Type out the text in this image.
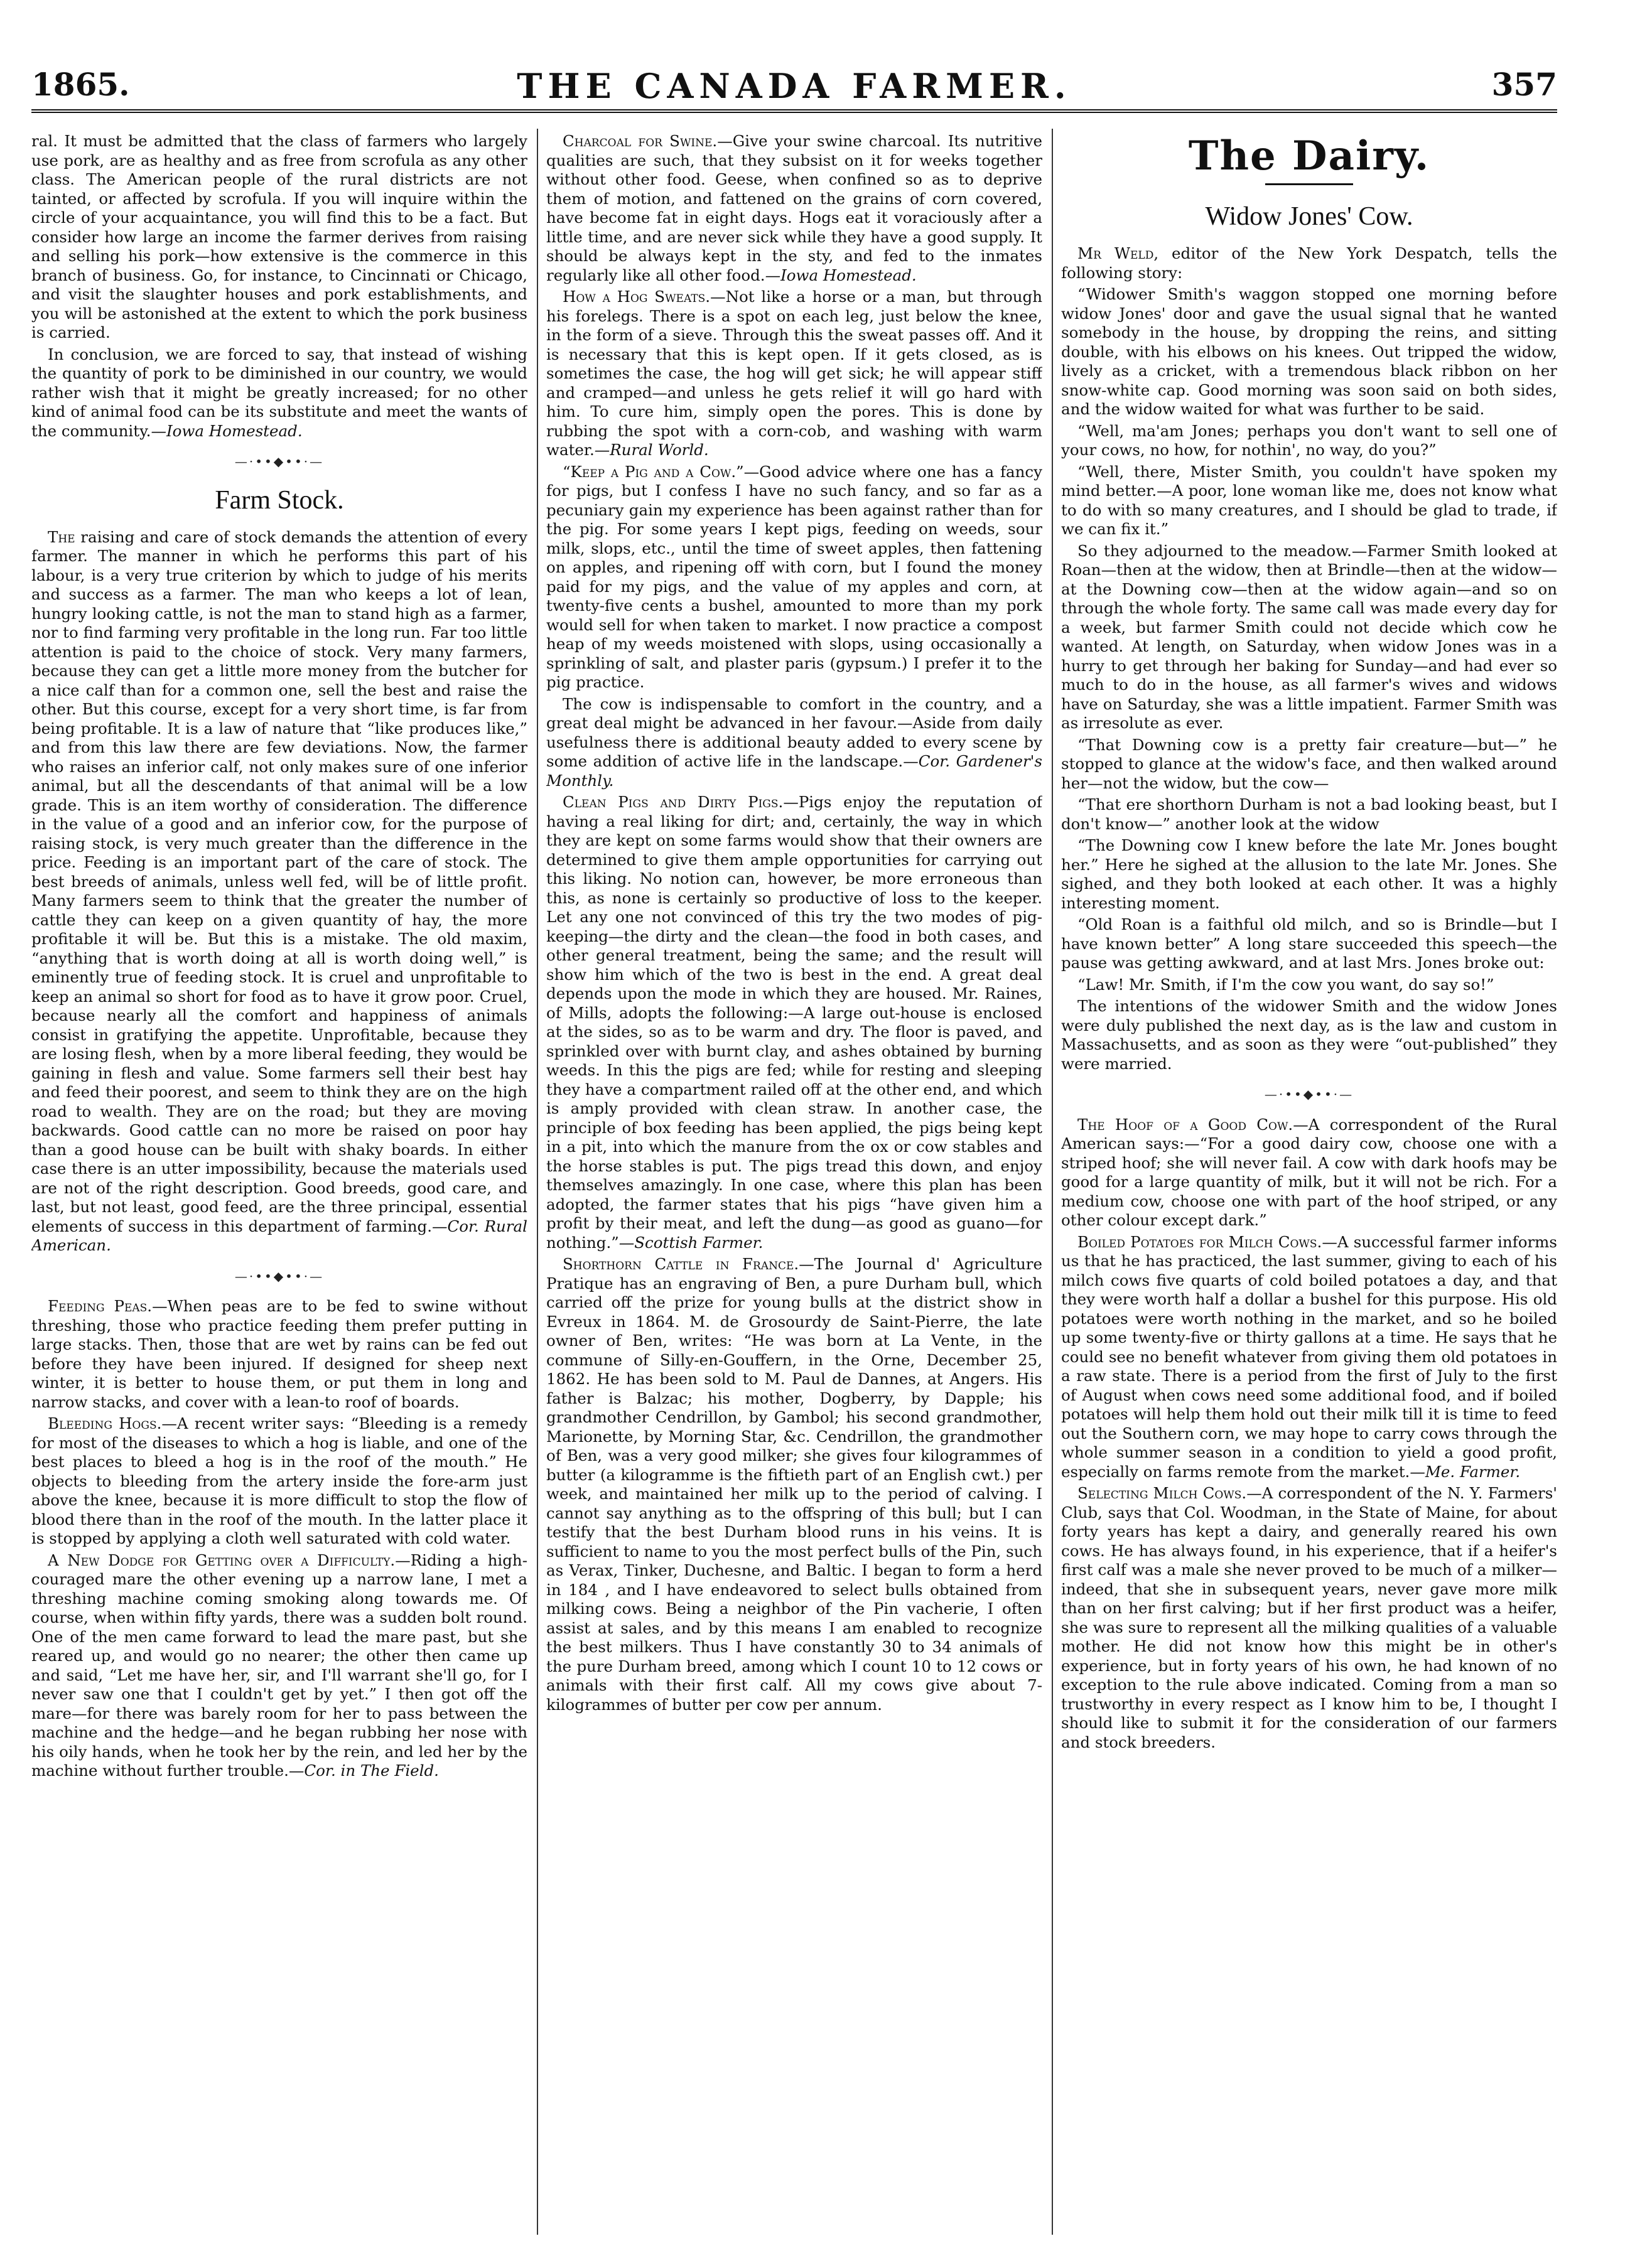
1865.	THE CANADA FARMER.	357

ral. It must be admitted that the class of farmers who largely use pork, are as healthy and as free from scrofula as any other class. The American people of the rural districts are not tainted, or affected by scrofula. If you will inquire within the circle of your acquaintance, you will find this to be a fact. But consider how large an income the farmer derives from raising and selling his pork—how extensive is the commerce in this branch of business. Go, for instance, to Cincinnati or Chicago, and visit the slaughter houses and pork establishments, and you will be astonished at the extent to which the pork business is carried.

In conclusion, we are forced to say, that instead of wishing the quantity of pork to be diminished in our country, we would rather wish that it might be greatly increased; for no other kind of animal food can be its substitute and meet the wants of the community.—Iowa Homestead.

—·••◆••·—
Farm Stock.

The raising and care of stock demands the attention of every farmer. The manner in which he performs this part of his labour, is a very true criterion by which to judge of his merits and success as a farmer. The man who keeps a lot of lean, hungry looking cattle, is not the man to stand high as a farmer, nor to find farming very profitable in the long run. Far too little attention is paid to the choice of stock. Very many farmers, because they can get a little more money from the butcher for a nice calf than for a common one, sell the best and raise the other. But this course, except for a very short time, is far from being profitable. It is a law of nature that “like produces like,” and from this law there are few deviations. Now, the farmer who raises an inferior calf, not only makes sure of one inferior animal, but all the descendants of that animal will be a low grade. This is an item worthy of consideration. The difference in the value of a good and an inferior cow, for the purpose of raising stock, is very much greater than the difference in the price. Feeding is an important part of the care of stock. The best breeds of animals, unless well fed, will be of little profit. Many farmers seem to think that the greater the number of cattle they can keep on a given quantity of hay, the more profitable it will be. But this is a mistake. The old maxim, “anything that is worth doing at all is worth doing well,” is eminently true of feeding stock. It is cruel and unprofitable to keep an animal so short for food as to have it grow poor. Cruel, because nearly all the comfort and happiness of animals consist in gratifying the appetite. Unprofitable, because they are losing flesh, when by a more liberal feeding, they would be gaining in flesh and value. Some farmers sell their best hay and feed their poorest, and seem to think they are on the high road to wealth. They are on the road; but they are moving backwards. Good cattle can no more be raised on poor hay than a good house can be built with shaky boards. In either case there is an utter impossibility, because the materials used are not of the right description. Good breeds, good care, and last, but not least, good feed, are the three principal, essential elements of success in this department of farming.—Cor. Rural American.

—·••◆••·—

Feeding Peas.—When peas are to be fed to swine without threshing, those who practice feeding them prefer putting in large stacks. Then, those that are wet by rains can be fed out before they have been injured. If designed for sheep next winter, it is better to house them, or put them in long and narrow stacks, and cover with a lean-to roof of boards.

Bleeding Hogs.—A recent writer says: “Bleeding is a remedy for most of the diseases to which a hog is liable, and one of the best places to bleed a hog is in the roof of the mouth.” He objects to bleeding from the artery inside the fore-arm just above the knee, because it is more difficult to stop the flow of blood there than in the roof of the mouth. In the latter place it is stopped by applying a cloth well saturated with cold water.

A New Dodge for Getting over a Difficulty.—Riding a high-couraged mare the other evening up a narrow lane, I met a threshing machine coming smoking along towards me. Of course, when within fifty yards, there was a sudden bolt round. One of the men came forward to lead the mare past, but she reared up, and would go no nearer; the other then came up and said, “Let me have her, sir, and I'll warrant she'll go, for I never saw one that I couldn't get by yet.” I then got off the mare—for there was barely room for her to pass between the machine and the hedge—and he began rubbing her nose with his oily hands, when he took her by the rein, and led her by the machine without further trouble.—Cor. in The Field.

Charcoal for Swine.—Give your swine charcoal. Its nutritive qualities are such, that they subsist on it for weeks together without other food. Geese, when confined so as to deprive them of motion, and fattened on the grains of corn covered, have become fat in eight days. Hogs eat it voraciously after a little time, and are never sick while they have a good supply. It should be always kept in the sty, and fed to the inmates regularly like all other food.—Iowa Homestead.

How a Hog Sweats.—Not like a horse or a man, but through his forelegs. There is a spot on each leg, just below the knee, in the form of a sieve. Through this the sweat passes off. And it is necessary that this is kept open. If it gets closed, as is sometimes the case, the hog will get sick; he will appear stiff and cramped—and unless he gets relief it will go hard with him. To cure him, simply open the pores. This is done by rubbing the spot with a corn-cob, and washing with warm water.—Rural World.

“Keep a Pig and a Cow.”—Good advice where one has a fancy for pigs, but I confess I have no such fancy, and so far as a pecuniary gain my experience has been against rather than for the pig. For some years I kept pigs, feeding on weeds, sour milk, slops, etc., until the time of sweet apples, then fattening on apples, and ripening off with corn, but I found the money paid for my pigs, and the value of my apples and corn, at twenty-five cents a bushel, amounted to more than my pork would sell for when taken to market. I now practice a compost heap of my weeds moistened with slops, using occasionally a sprinkling of salt, and plaster paris (gypsum.) I prefer it to the pig practice.

The cow is indispensable to comfort in the country, and a great deal might be advanced in her favour.—Aside from daily usefulness there is additional beauty added to every scene by some addition of active life in the landscape.—Cor. Gardener's Monthly.

Clean Pigs and Dirty Pigs.—Pigs enjoy the reputation of having a real liking for dirt; and, certainly, the way in which they are kept on some farms would show that their owners are determined to give them ample opportunities for carrying out this liking. No notion can, however, be more erroneous than this, as none is certainly so productive of loss to the keeper. Let any one not convinced of this try the two modes of pig-keeping—the dirty and the clean—the food in both cases, and other general treatment, being the same; and the result will show him which of the two is best in the end. A great deal depends upon the mode in which they are housed. Mr. Raines, of Mills, adopts the following:—A large out-house is enclosed at the sides, so as to be warm and dry. The floor is paved, and sprinkled over with burnt clay, and ashes obtained by burning weeds. In this the pigs are fed; while for resting and sleeping they have a compartment railed off at the other end, and which is amply provided with clean straw. In another case, the principle of box feeding has been applied, the pigs being kept in a pit, into which the manure from the ox or cow stables and the horse stables is put. The pigs tread this down, and enjoy themselves amazingly. In one case, where this plan has been adopted, the farmer states that his pigs “have given him a profit by their meat, and left the dung—as good as guano—for nothing.”—Scottish Farmer.

Shorthorn Cattle in France.—The Journal d' Agriculture Pratique has an engraving of Ben, a pure Durham bull, which carried off the prize for young bulls at the district show in Evreux in 1864. M. de Grosourdy de Saint-Pierre, the late owner of Ben, writes: “He was born at La Vente, in the commune of Silly-en-Gouffern, in the Orne, December 25, 1862. He has been sold to M. Paul de Dannes, at Angers. His father is Balzac; his mother, Dogberry, by Dapple; his grandmother Cendrillon, by Gambol; his second grandmother, Marionette, by Morning Star, &c. Cendrillon, the grandmother of Ben, was a very good milker; she gives four kilogrammes of butter (a kilogramme is the fiftieth part of an English cwt.) per week, and maintained her milk up to the period of calving. I cannot say anything as to the offspring of this bull; but I can testify that the best Durham blood runs in his veins. It is sufficient to name to you the most perfect bulls of the Pin, such as Verax, Tinker, Duchesne, and Baltic. I began to form a herd in 184 , and I have endeavored to select bulls obtained from milking cows. Being a neighbor of the Pin vacherie, I often assist at sales, and by this means I am enabled to recognize the best milkers. Thus I have constantly 30 to 34 animals of the pure Durham breed, among which I count 10 to 12 cows or animals with their first calf. All my cows give about 7- kilogrammes of butter per cow per annum.

The Dairy.
Widow Jones' Cow.

Mr Weld, editor of the New York Despatch, tells the following story:

“Widower Smith's waggon stopped one morning before widow Jones' door and gave the usual signal that he wanted somebody in the house, by dropping the reins, and sitting double, with his elbows on his knees. Out tripped the widow, lively as a cricket, with a tremendous black ribbon on her snow-white cap. Good morning was soon said on both sides, and the widow waited for what was further to be said.

“Well, ma'am Jones; perhaps you don't want to sell one of your cows, no how, for nothin', no way, do you?”

“Well, there, Mister Smith, you couldn't have spoken my mind better.—A poor, lone woman like me, does not know what to do with so many creatures, and I should be glad to trade, if we can fix it.”

So they adjourned to the meadow.—Farmer Smith looked at Roan—then at the widow, then at Brindle—then at the widow—at the Downing cow—then at the widow again—and so on through the whole forty. The same call was made every day for a week, but farmer Smith could not decide which cow he wanted. At length, on Saturday, when widow Jones was in a hurry to get through her baking for Sunday—and had ever so much to do in the house, as all farmer's wives and widows have on Saturday, she was a little impatient. Farmer Smith was as irresolute as ever.

“That Downing cow is a pretty fair creature—but—” he stopped to glance at the widow's face, and then walked around her—not the widow, but the cow—

“That ere shorthorn Durham is not a bad looking beast, but I don't know—” another look at the widow

“The Downing cow I knew before the late Mr. Jones bought her.” Here he sighed at the allusion to the late Mr. Jones. She sighed, and they both looked at each other. It was a highly interesting moment.

“Old Roan is a faithful old milch, and so is Brindle—but I have known better” A long stare succeeded this speech—the pause was getting awkward, and at last Mrs. Jones broke out:

“Law! Mr. Smith, if I'm the cow you want, do say so!”

The intentions of the widower Smith and the widow Jones were duly published the next day, as is the law and custom in Massachusetts, and as soon as they were “out-published” they were married.

—·••◆••·—

The Hoof of a Good Cow.—A correspondent of the Rural American says:—“For a good dairy cow, choose one with a striped hoof; she will never fail. A cow with dark hoofs may be good for a large quantity of milk, but it will not be rich. For a medium cow, choose one with part of the hoof striped, or any other colour except dark.”

Boiled Potatoes for Milch Cows.—A successful farmer informs us that he has practiced, the last summer, giving to each of his milch cows five quarts of cold boiled potatoes a day, and that they were worth half a dollar a bushel for this purpose. His old potatoes were worth nothing in the market, and so he boiled up some twenty-five or thirty gallons at a time. He says that he could see no benefit whatever from giving them old potatoes in a raw state. There is a period from the first of July to the first of August when cows need some additional food, and if boiled potatoes will help them hold out their milk till it is time to feed out the Southern corn, we may hope to carry cows through the whole summer season in a condition to yield a good profit, especially on farms remote from the market.—Me. Farmer.

Selecting Milch Cows.—A correspondent of the N. Y. Farmers' Club, says that Col. Woodman, in the State of Maine, for about forty years has kept a dairy, and generally reared his own cows. He has always found, in his experience, that if a heifer's first calf was a male she never proved to be much of a milker—indeed, that she in subsequent years, never gave more milk than on her first calving; but if her first product was a heifer, she was sure to represent all the milking qualities of a valuable mother. He did not know how this might be in other's experience, but in forty years of his own, he had known of no exception to the rule above indicated. Coming from a man so trustworthy in every respect as I know him to be, I thought I should like to submit it for the consideration of our farmers and stock breeders.
